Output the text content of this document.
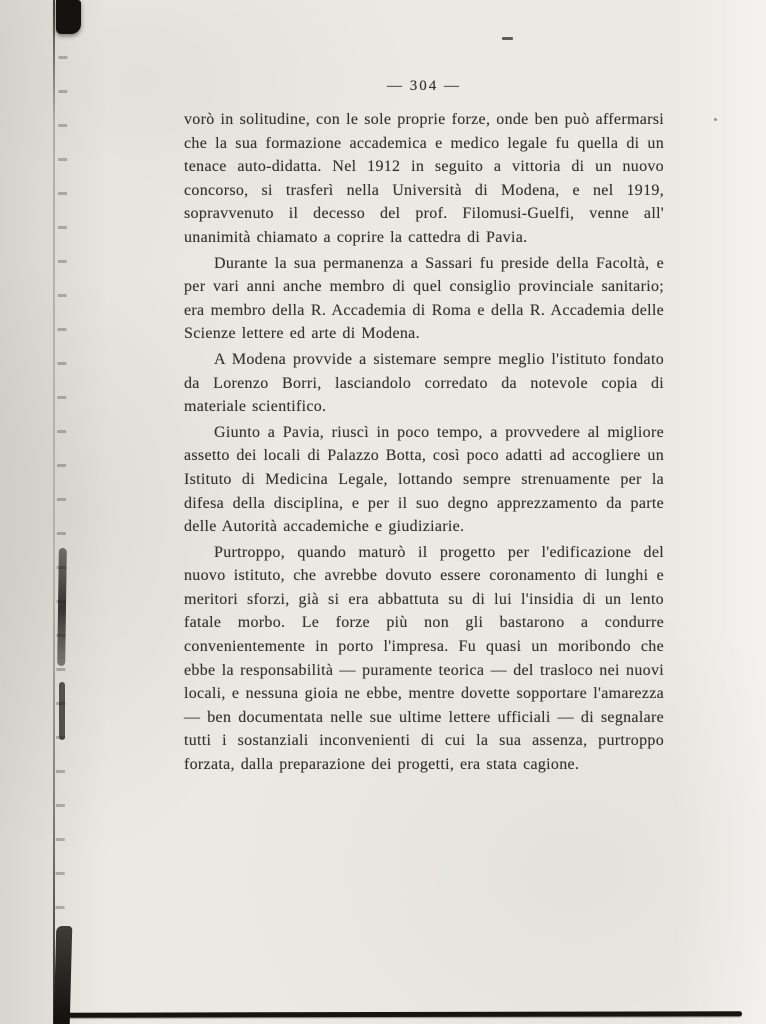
— 304 —

vorò in solitudine, con le sole proprie forze, onde ben può affermarsi che la sua formazione accademica e medico legale fu quella di un tenace auto-didatta. Nel 1912 in seguito a vittoria di un nuovo concorso, si trasferì nella Università di Modena, e nel 1919, sopravvenuto il decesso del prof. Filomusi-Guelfi, venne all' unanimità chiamato a coprire la cattedra di Pavia.

Durante la sua permanenza a Sassari fu preside della Facoltà, e per vari anni anche membro di quel consiglio provinciale sanitario; era membro della R. Accademia di Roma e della R. Accademia delle Scienze lettere ed arte di Modena.

A Modena provvide a sistemare sempre meglio l'istituto fondato da Lorenzo Borri, lasciandolo corredato da notevole copia di materiale scientifico.

Giunto a Pavia, riuscì in poco tempo, a provvedere al migliore assetto dei locali di Palazzo Botta, così poco adatti ad accogliere un Istituto di Medicina Legale, lottando sempre strenuamente per la difesa della disciplina, e per il suo degno apprezzamento da parte delle Autorità accademiche e giudiziarie.

Purtroppo, quando maturò il progetto per l'edificazione del nuovo istituto, che avrebbe dovuto essere coronamento di lunghi e meritori sforzi, già si era abbattuta su di lui l'insidia di un lento fatale morbo. Le forze più non gli bastarono a condurre convenientemente in porto l'impresa. Fu quasi un moribondo che ebbe la responsabilità — puramente teorica — del trasloco nei nuovi locali, e nessuna gioia ne ebbe, mentre dovette sopportare l'amarezza — ben documentata nelle sue ultime lettere ufficiali — di segnalare tutti i sostanziali inconvenienti di cui la sua assenza, purtroppo forzata, dalla preparazione dei progetti, era stata cagione.
